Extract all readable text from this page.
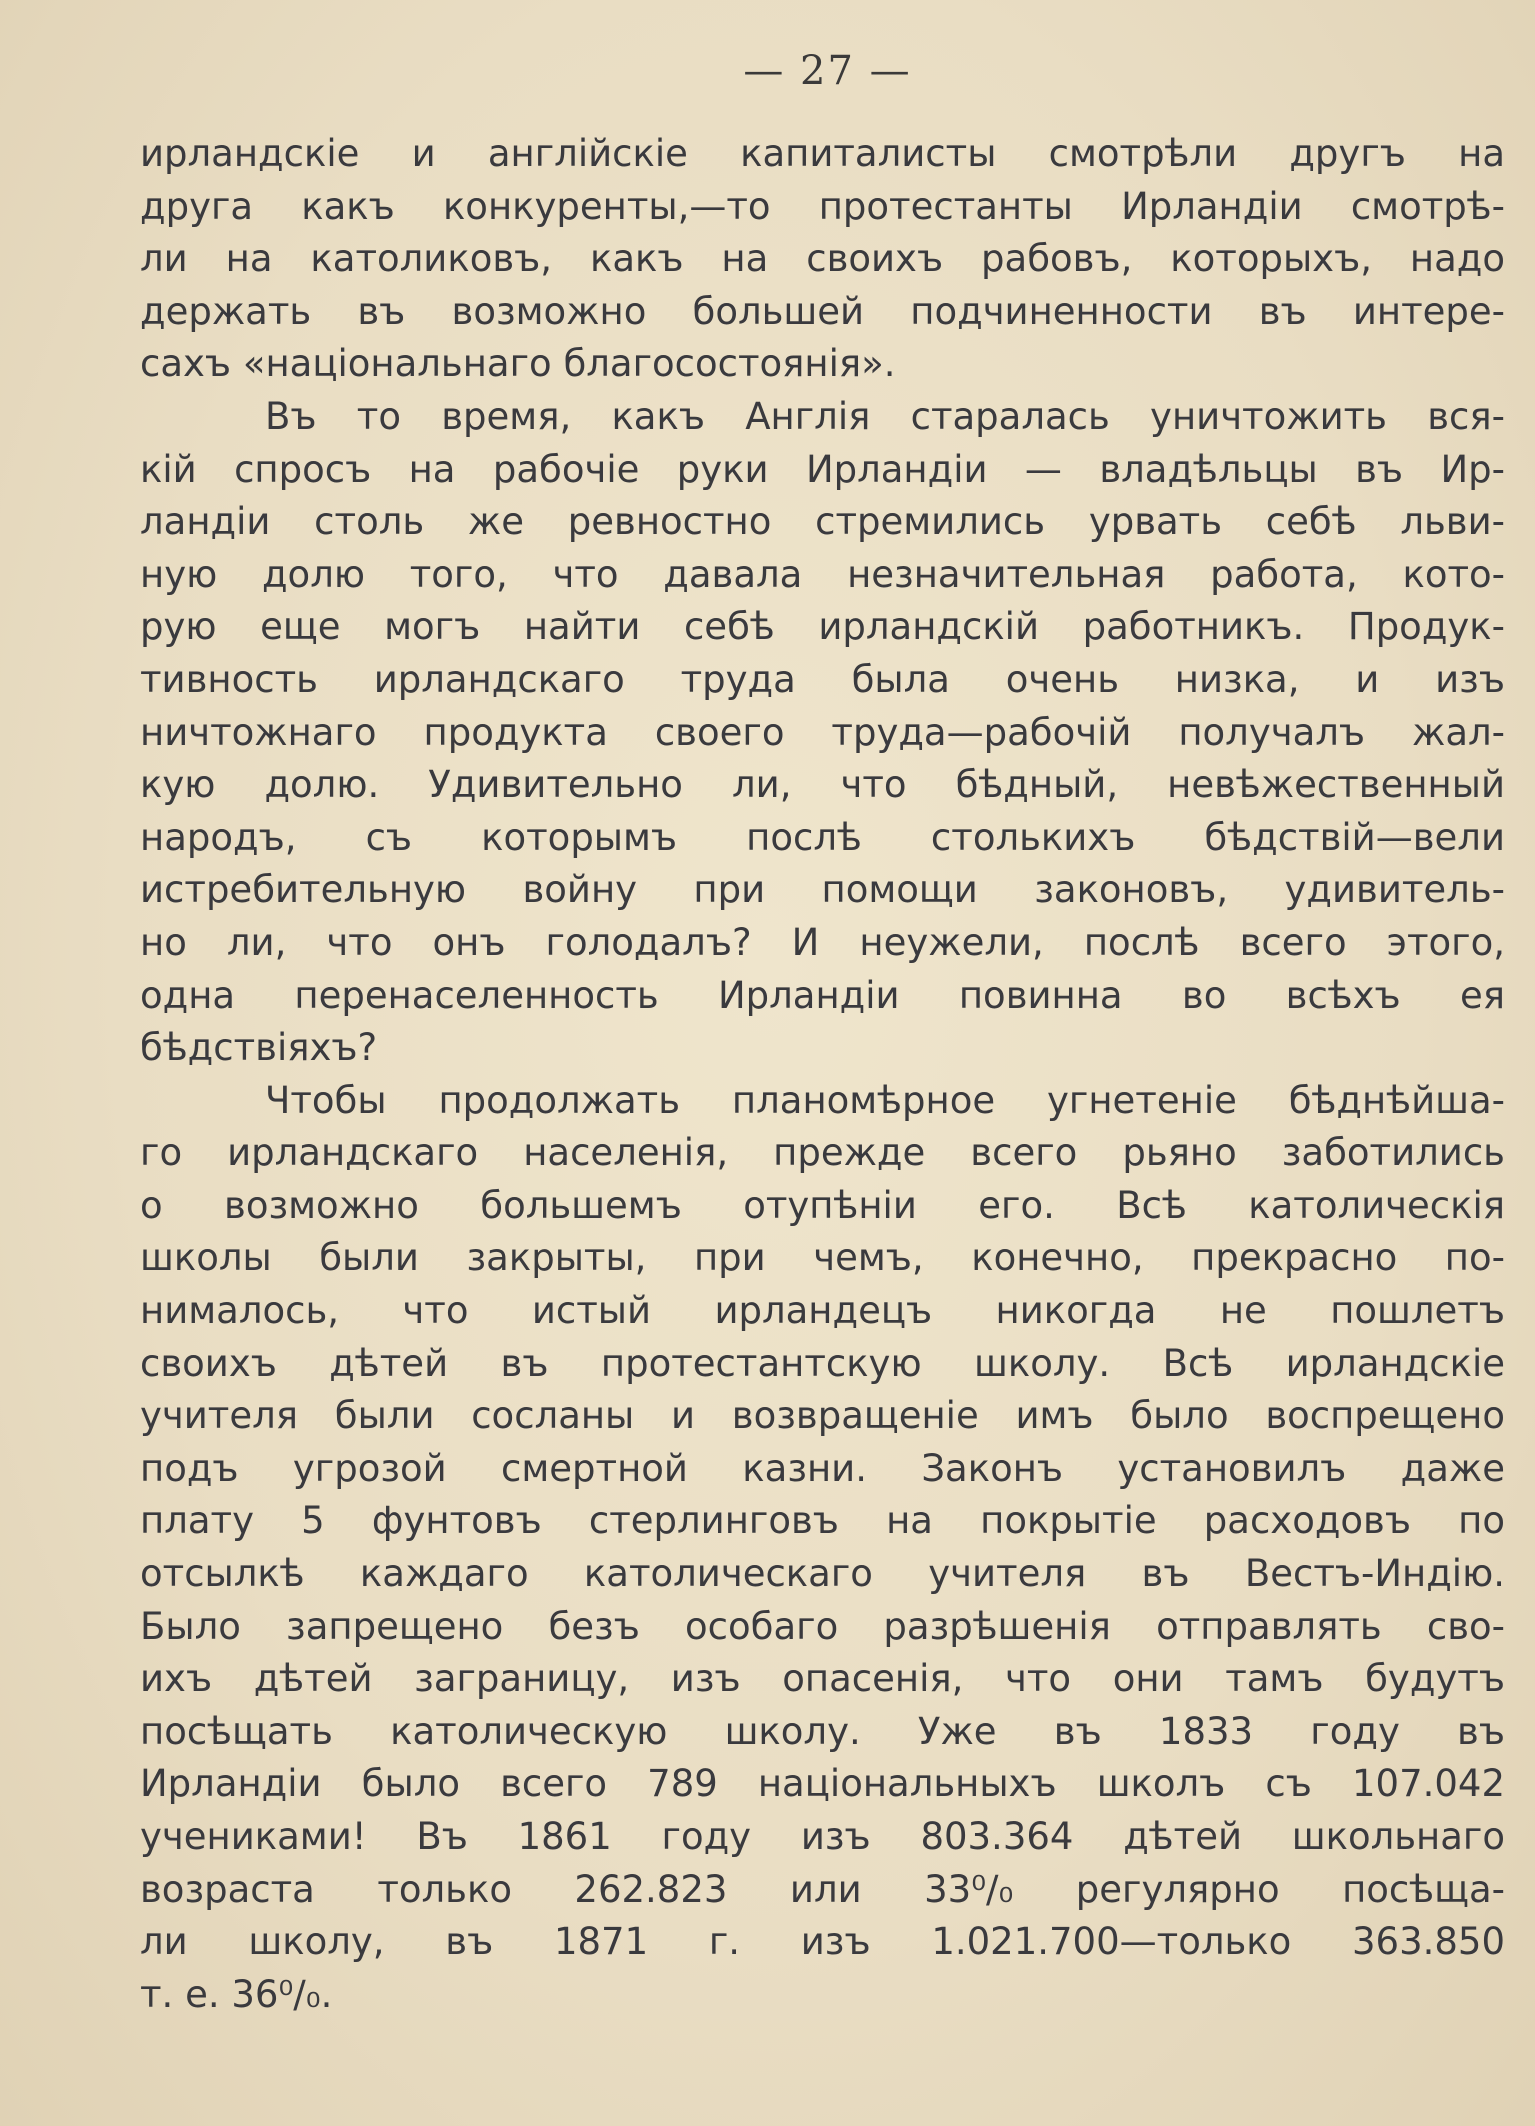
— 27 —
ирландскіе и англійскіе капиталисты смотрѣли другъ на
друга какъ конкуренты,—то протестанты Ирландіи смотрѣ-
ли на католиковъ, какъ на своихъ рабовъ, которыхъ, надо
держать въ возможно большей подчиненности въ интере-
сахъ «національнаго благосостоянія».
Въ то время, какъ Англія старалась уничтожить вся-
кій спросъ на рабочіе руки Ирландіи — владѣльцы въ Ир-
ландіи столь же ревностно стремились урвать себѣ льви-
ную долю того, что давала незначительная работа, кото-
рую еще могъ найти себѣ ирландскій работникъ. Продук-
тивность ирландскаго труда была очень низка, и изъ
ничтожнаго продукта своего труда—рабочій получалъ жал-
кую долю. Удивительно ли, что бѣдный, невѣжественный
народъ, съ которымъ послѣ столькихъ бѣдствій—вели
истребительную войну при помощи законовъ, удивитель-
но ли, что онъ голодалъ? И неужели, послѣ всего этого,
одна перенаселенность Ирландіи повинна во всѣхъ ея
бѣдствіяхъ?
Чтобы продолжать планомѣрное угнетеніе бѣднѣйша-
го ирландскаго населенія, прежде всего рьяно заботились
о возможно большемъ отупѣніи его. Всѣ католическія
школы были закрыты, при чемъ, конечно, прекрасно по-
нималось, что истый ирландецъ никогда не пошлетъ
своихъ дѣтей въ протестантскую школу. Всѣ ирландскіе
учителя были сосланы и возвращеніе имъ было воспрещено
подъ угрозой смертной казни. Законъ установилъ даже
плату 5 фунтовъ стерлинговъ на покрытіе расходовъ по
отсылкѣ каждаго католическаго учителя въ Вестъ-Индію.
Было запрещено безъ особаго разрѣшенія отправлять сво-
ихъ дѣтей заграницу, изъ опасенія, что они тамъ будутъ
посѣщать католическую школу. Уже въ 1833 году въ
Ирландіи было всего 789 національныхъ школъ съ 107.042
учениками! Въ 1861 году изъ 803.364 дѣтей школьнаго
возраста только 262.823 или 33⁰/₀ регулярно посѣща-
ли школу, въ 1871 г. изъ 1.021.700—только 363.850
т. е. 36⁰/₀.
